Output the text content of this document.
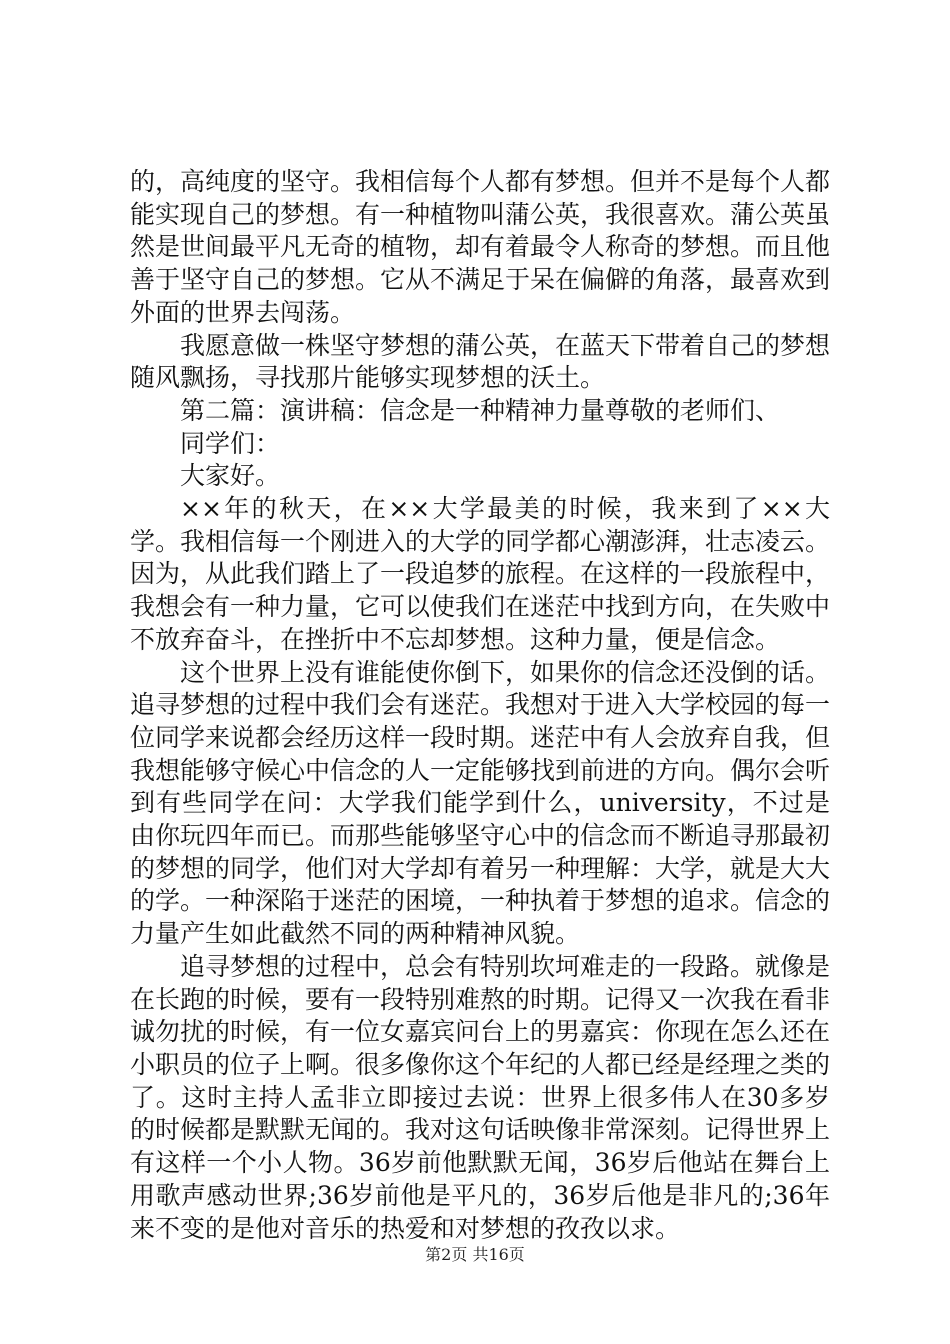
的，高纯度的坚守。我相信每个人都有梦想。但并不是每个人都能实现自己的梦想。有一种植物叫蒲公英，我很喜欢。蒲公英虽然是世间最平凡无奇的植物，却有着最令人称奇的梦想。而且他善于坚守自己的梦想。它从不满足于呆在偏僻的角落，最喜欢到外面的世界去闯荡。

我愿意做一株坚守梦想的蒲公英，在蓝天下带着自己的梦想随风飘扬，寻找那片能够实现梦想的沃土。

第二篇：演讲稿：信念是一种精神力量尊敬的老师们、

同学们：

大家好。

××年的秋天，在××大学最美的时候，我来到了××大学。我相信每一个刚进入的大学的同学都心潮澎湃，壮志凌云。因为，从此我们踏上了一段追梦的旅程。在这样的一段旅程中，我想会有一种力量，它可以使我们在迷茫中找到方向，在失败中不放弃奋斗，在挫折中不忘却梦想。这种力量，便是信念。

这个世界上没有谁能使你倒下，如果你的信念还没倒的话。追寻梦想的过程中我们会有迷茫。我想对于进入大学校园的每一位同学来说都会经历这样一段时期。迷茫中有人会放弃自我，但我想能够守候心中信念的人一定能够找到前进的方向。偶尔会听到有些同学在问：大学我们能学到什么，university，不过是由你玩四年而已。而那些能够坚守心中的信念而不断追寻那最初的梦想的同学，他们对大学却有着另一种理解：大学，就是大大的学。一种深陷于迷茫的困境，一种执着于梦想的追求。信念的力量产生如此截然不同的两种精神风貌。

追寻梦想的过程中，总会有特别坎坷难走的一段路。就像是在长跑的时候，要有一段特别难熬的时期。记得又一次我在看非诚勿扰的时候，有一位女嘉宾问台上的男嘉宾：你现在怎么还在小职员的位子上啊。很多像你这个年纪的人都已经是经理之类的了。这时主持人孟非立即接过去说：世界上很多伟人在30多岁的时候都是默默无闻的。我对这句话映像非常深刻。记得世界上有这样一个小人物。36岁前他默默无闻，36岁后他站在舞台上用歌声感动世界;36岁前他是平凡的，36岁后他是非凡的;36年来不变的是他对音乐的热爱和对梦想的孜孜以求。

第2页 共16页
